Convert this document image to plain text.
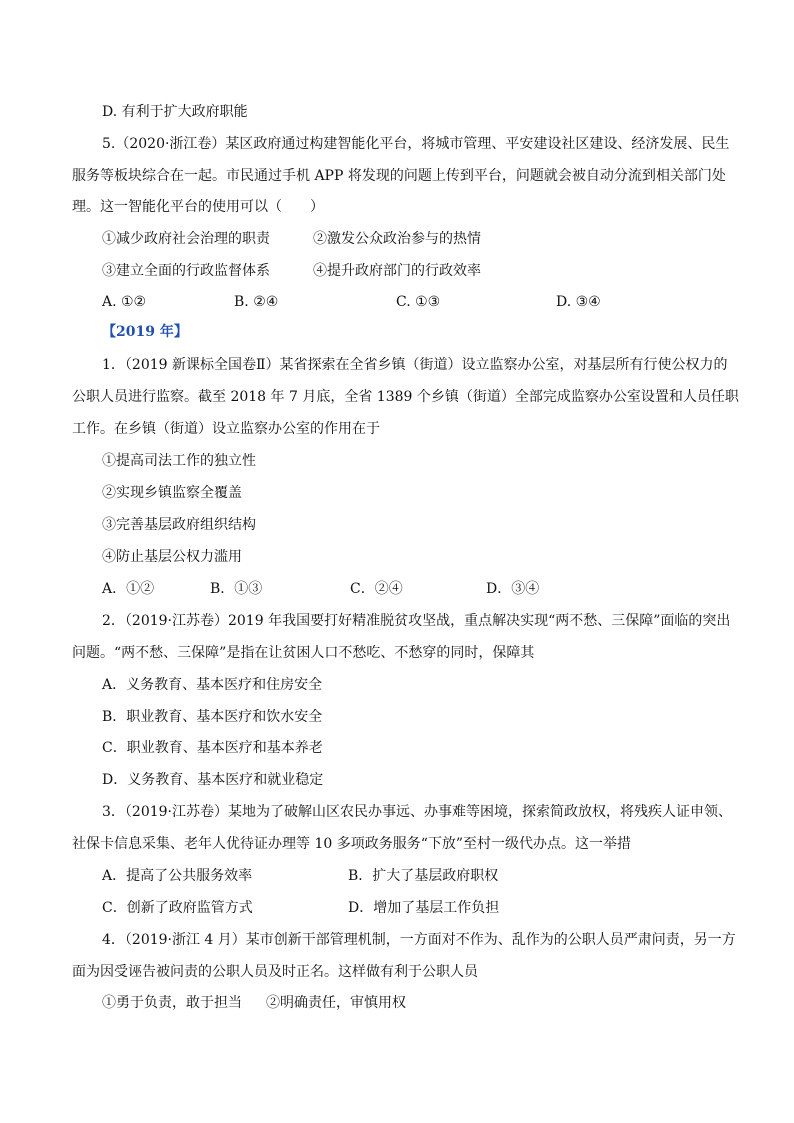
D. 有利于扩大政府职能
5.（2020·浙江卷）某区政府通过构建智能化平台，将城市管理、平安建设社区建设、经济发展、民生
服务等板块综合在一起。市民通过手机 APP 将发现的问题上传到平台，问题就会被自动分流到相关部门处
理。这一智能化平台的使用可以（　　）
①减少政府社会治理的职责	②激发公众政治参与的热情
③建立全面的行政监督体系	④提升政府部门的行政效率
A. ①②	B. ②④	C. ①③	D. ③④
【2019 年】
1．（2019 新课标全国卷Ⅱ）某省探索在全省乡镇（街道）设立监察办公室，对基层所有行使公权力的
公职人员进行监察。截至 2018 年 7 月底，全省 1389 个乡镇（街道）全部完成监察办公室设置和人员任职
工作。在乡镇（街道）设立监察办公室的作用在于
①提高司法工作的独立性
②实现乡镇监察全覆盖
③完善基层政府组织结构
④防止基层公权力滥用
A．①②	B．①③	C．②④	D．③④
2．（2019·江苏卷）2019 年我国要打好精准脱贫攻坚战，重点解决实现“两不愁、三保障”面临的突出
问题。“两不愁、三保障”是指在让贫困人口不愁吃、不愁穿的同时，保障其
A．义务教育、基本医疗和住房安全
B．职业教育、基本医疗和饮水安全
C．职业教育、基本医疗和基本养老
D．义务教育、基本医疗和就业稳定
3．（2019·江苏卷）某地为了破解山区农民办事远、办事难等困境，探索简政放权，将残疾人证申领、
社保卡信息采集、老年人优待证办理等 10 多项政务服务“下放”至村一级代办点。这一举措
A．提高了公共服务效率	B．扩大了基层政府职权
C．创新了政府监管方式	D．增加了基层工作负担
4．（2019·浙江 4 月）某市创新干部管理机制，一方面对不作为、乱作为的公职人员严肃问责，另一方
面为因受诬告被问责的公职人员及时正名。这样做有利于公职人员
①勇于负责，敢于担当 ②明确责任，审慎用权
